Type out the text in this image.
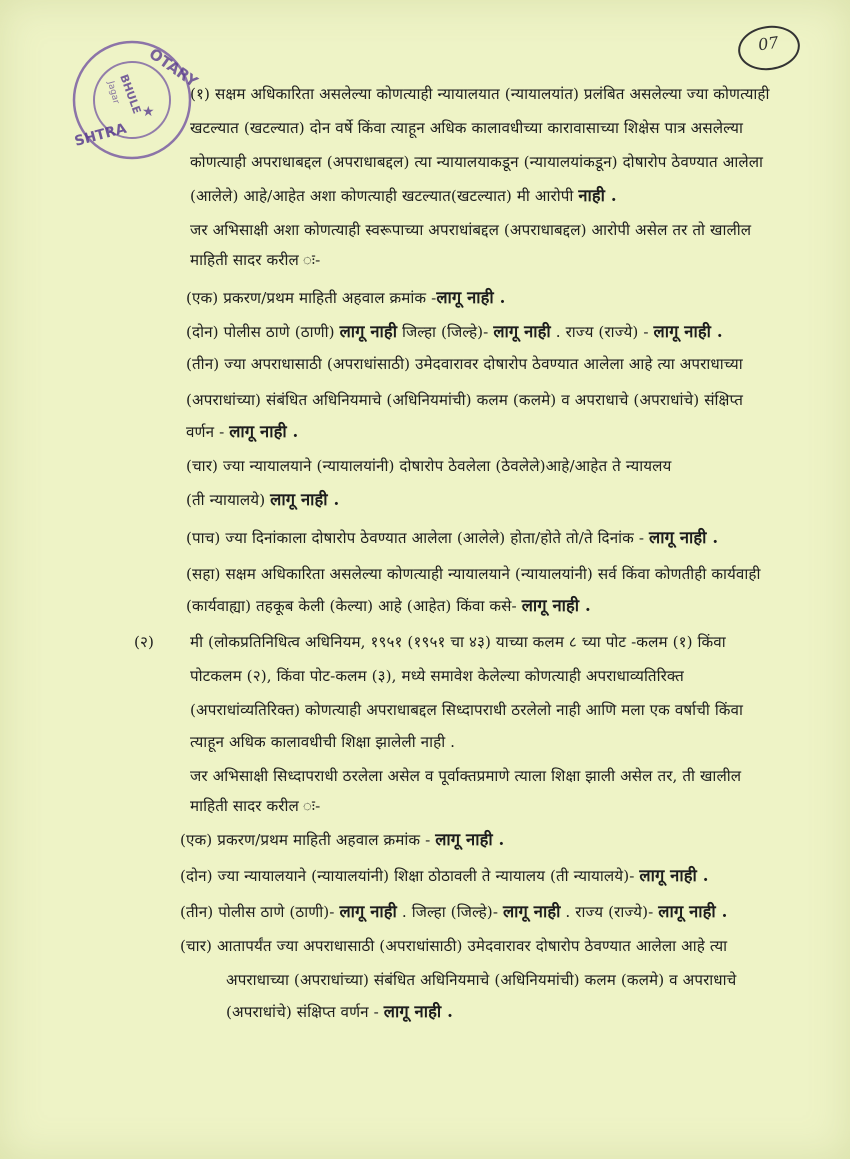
07
OTARY
BHULE
Jagar
★
SHTRA
(१) सक्षम अधिकारिता असलेल्या कोणत्याही न्यायालयात (न्यायालयांत) प्रलंबित असलेल्या ज्या कोणत्याही
खटल्यात (खटल्यात) दोन वर्षे किंवा त्याहून अधिक कालावधीच्या कारावासाच्या शिक्षेस पात्र असलेल्या
कोणत्याही अपराधाबद्दल (अपराधाबद्दल) त्या न्यायालयाकडून (न्यायालयांकडून) दोषारोप ठेवण्यात आलेला
(आलेले) आहे/आहेत अशा कोणत्याही खटल्यात(खटल्यात) मी आरोपी नाही .
जर अभिसाक्षी अशा कोणत्याही स्वरूपाच्या अपराधांबद्दल (अपराधाबद्दल) आरोपी असेल तर तो खालील
माहिती सादर करील ः-
(एक) प्रकरण/प्रथम माहिती अहवाल क्रमांक -लागू नाही .
(दोन) पोलीस ठाणे (ठाणी) लागू नाही जिल्हा (जिल्हे)- लागू नाही . राज्य (राज्ये) - लागू नाही .
(तीन) ज्या अपराधासाठी (अपराधांसाठी) उमेदवारावर दोषारोप ठेवण्यात आलेला आहे त्या अपराधाच्या
(अपराधांच्या) संबंधित अधिनियमाचे (अधिनियमांची) कलम (कलमे) व अपराधाचे (अपराधांचे) संक्षिप्त
वर्णन - लागू नाही .
(चार) ज्या न्यायालयाने (न्यायालयांनी) दोषारोप ठेवलेला (ठेवलेले)आहे/आहेत ते न्यायलय
(ती न्यायालये) लागू नाही .
(पाच) ज्या दिनांकाला दोषारोप ठेवण्यात आलेला (आलेले) होता/होते तो/ते दिनांक - लागू नाही .
(सहा) सक्षम अधिकारिता असलेल्या कोणत्याही न्यायालयाने (न्यायालयांनी) सर्व किंवा कोणतीही कार्यवाही
(कार्यवाह्या) तहकूब केली (केल्या) आहे (आहेत) किंवा कसे- लागू नाही .
(२) मी (लोकप्रतिनिधित्व अधिनियम, १९५१ (१९५१ चा ४३) याच्या कलम ८ च्या पोट -कलम (१) किंवा
पोटकलम (२), किंवा पोट-कलम (३), मध्ये समावेश केलेल्या कोणत्याही अपराधाव्यतिरिक्त
(अपराधांव्यतिरिक्त) कोणत्याही अपराधाबद्दल सिध्दापराधी ठरलेलो नाही आणि मला एक वर्षाची किंवा
त्याहून अधिक कालावधीची शिक्षा झालेली नाही .
जर अभिसाक्षी सिध्दापराधी ठरलेला असेल व पूर्वाक्तप्रमाणे त्याला शिक्षा झाली असेल तर, ती खालील
माहिती सादर करील ः-
(एक) प्रकरण/प्रथम माहिती अहवाल क्रमांक - लागू नाही .
(दोन) ज्या न्यायालयाने (न्यायालयांनी) शिक्षा ठोठावली ते न्यायालय (ती न्यायालये)- लागू नाही .
(तीन) पोलीस ठाणे (ठाणी)- लागू नाही . जिल्हा (जिल्हे)- लागू नाही . राज्य (राज्ये)- लागू नाही .
(चार) आतापर्यंत ज्या अपराधासाठी (अपराधांसाठी) उमेदवारावर दोषारोप ठेवण्यात आलेला आहे त्या
अपराधाच्या (अपराधांच्या) संबंधित अधिनियमाचे (अधिनियमांची) कलम (कलमे) व अपराधाचे
(अपराधांचे) संक्षिप्त वर्णन - लागू नाही .
